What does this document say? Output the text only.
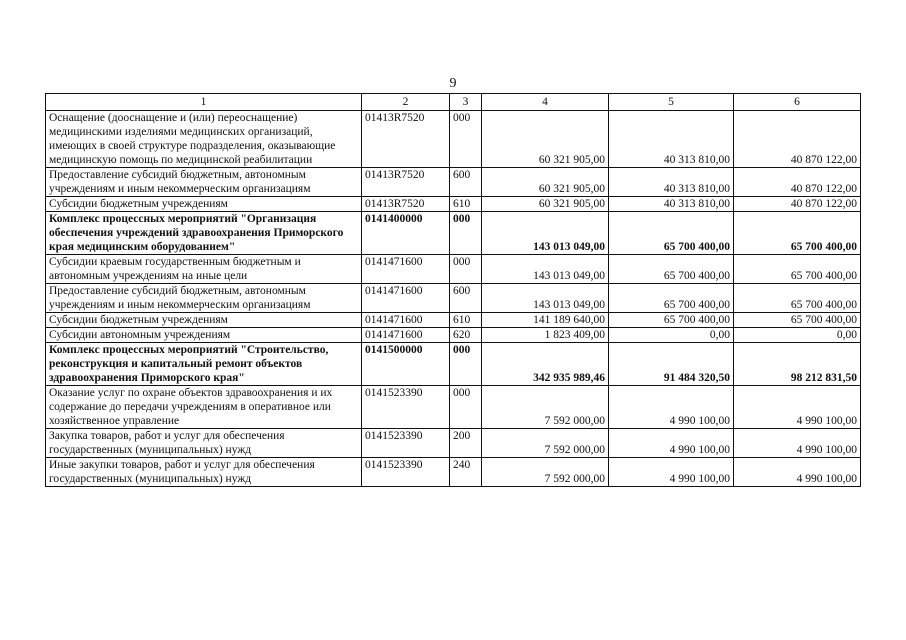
9
1	2	3	4	5	6
Оснащение (дооснащение и (или) переоснащение) медицинскими изделиями медицинских организаций, имеющих в своей структуре подразделения, оказывающие медицинскую помощь по медицинской реабилитации	01413R7520	000	60 321 905,00	40 313 810,00	40 870 122,00
Предоставление субсидий бюджетным, автономным учреждениям и иным некоммерческим организациям	01413R7520	600	60 321 905,00	40 313 810,00	40 870 122,00
Субсидии бюджетным учреждениям	01413R7520	610	60 321 905,00	40 313 810,00	40 870 122,00
Комплекс процессных мероприятий "Организация обеспечения учреждений здравоохранения Приморского края медицинским оборудованием"	0141400000	000	143 013 049,00	65 700 400,00	65 700 400,00
Субсидии краевым государственным бюджетным и автономным учреждениям на иные цели	0141471600	000	143 013 049,00	65 700 400,00	65 700 400,00
Предоставление субсидий бюджетным, автономным учреждениям и иным некоммерческим организациям	0141471600	600	143 013 049,00	65 700 400,00	65 700 400,00
Субсидии бюджетным учреждениям	0141471600	610	141 189 640,00	65 700 400,00	65 700 400,00
Субсидии автономным учреждениям	0141471600	620	1 823 409,00	0,00	0,00
Комплекс процессных мероприятий "Строительство, реконструкция и капитальный ремонт объектов здравоохранения Приморского края"	0141500000	000	342 935 989,46	91 484 320,50	98 212 831,50
Оказание услуг по охране объектов здравоохранения и их содержание до передачи учреждениям в оперативное или хозяйственное управление	0141523390	000	7 592 000,00	4 990 100,00	4 990 100,00
Закупка товаров, работ и услуг для обеспечения государственных (муниципальных) нужд	0141523390	200	7 592 000,00	4 990 100,00	4 990 100,00
Иные закупки товаров, работ и услуг для обеспечения государственных (муниципальных) нужд	0141523390	240	7 592 000,00	4 990 100,00	4 990 100,00
